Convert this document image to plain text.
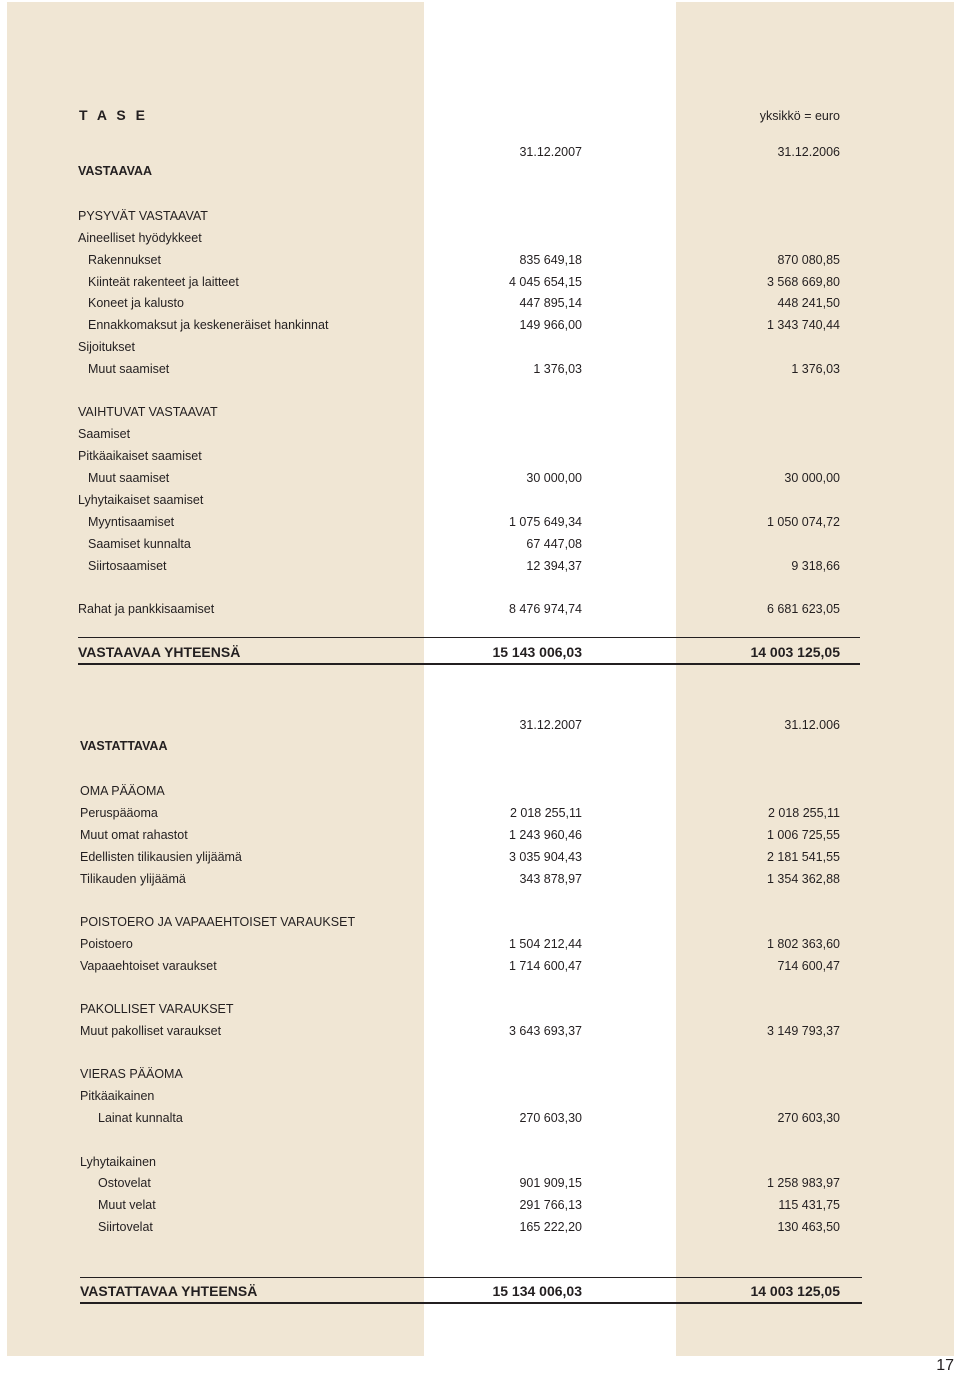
T A S E	yksikkö = euro
31.12.2007	31.12.2006
VASTAAVAA
PYSYVÄT VASTAAVAT
Aineelliset hyödykkeet
Rakennukset	835 649,18	870 080,85
Kiinteät rakenteet ja laitteet	4 045 654,15	3 568 669,80
Koneet ja kalusto	447 895,14	448 241,50
Ennakkomaksut ja keskeneräiset hankinnat	149 966,00	1 343 740,44
Sijoitukset
Muut saamiset	1 376,03	1 376,03
VAIHTUVAT VASTAAVAT
Saamiset
Pitkäaikaiset saamiset
Muut saamiset	30 000,00	30 000,00
Lyhytaikaiset saamiset
Myyntisaamiset	1 075 649,34	1 050 074,72
Saamiset kunnalta	67 447,08
Siirtosaamiset	12 394,37	9 318,66
Rahat ja pankkisaamiset	8 476 974,74	6 681 623,05
VASTAAVAA YHTEENSÄ	15 143 006,03	14 003 125,05
31.12.2007	31.12.006
VASTATTAVAA
OMA PÄÄOMA
Peruspääoma	2 018 255,11	2 018 255,11
Muut omat rahastot	1 243 960,46	1 006 725,55
Edellisten tilikausien ylijäämä	3 035 904,43	2 181 541,55
Tilikauden ylijäämä	343 878,97	1 354 362,88
POISTOERO JA VAPAAEHTOISET VARAUKSET
Poistoero	1 504 212,44	1 802 363,60
Vapaaehtoiset varaukset	1 714 600,47	714 600,47
PAKOLLISET VARAUKSET
Muut pakolliset varaukset	3 643 693,37	3 149 793,37
VIERAS PÄÄOMA
Pitkäaikainen
Lainat kunnalta	270 603,30	270 603,30
Lyhytaikainen
Ostovelat	901 909,15	1 258 983,97
Muut velat	291 766,13	115 431,75
Siirtovelat	165 222,20	130 463,50
VASTATTAVAA YHTEENSÄ	15 134 006,03	14 003 125,05
17
